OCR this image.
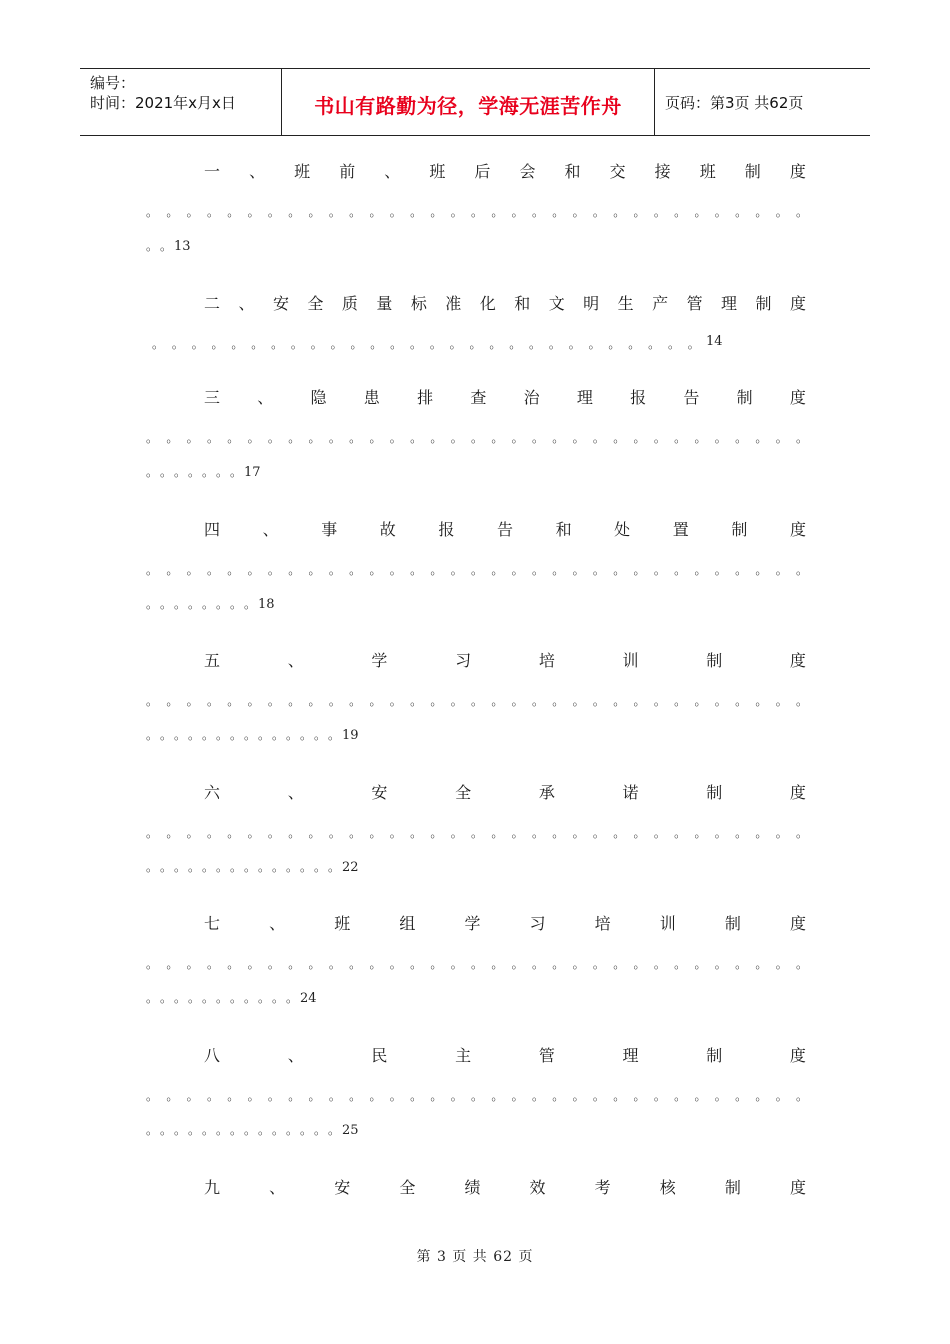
编号：
时间：2021年x月x日	书山有路勤为径，学海无涯苦作舟	页码：第3页 共62页
一 、 班 前 、 班 后 会 和 交 接 班 制 度
。 。 。 。 。 。 。 。 。 。 。 。 。 。 。 。 。 。 。 。 。 。 。 。 。 。 。 。 。 。 。 。 。
。 。 13
二 、 安 全 质 量 标 准 化 和 文 明 生 产 管 理 制 度
。 。 。 。 。 。 。 。 。 。 。 。 。 。 。 。 。 。 。 。 。 。 。 。 。 。 。 。 14
三 、 隐 患 排 查 治 理 报 告 制 度
。 。 。 。 。 。 。 。 。 。 。 。 。 。 。 。 。 。 。 。 。 。 。 。 。 。 。 。 。 。 。 。 。
。 。 。 。 。 。 。 17
四	、	事	故	报	告	和	处	置	制	度
。 。 。 。 。 。 。 。 。 。 。 。 。 。 。 。 。 。 。 。 。 。 。 。 。 。 。 。 。 。 。 。 。
。 。 。 。 。 。 。 。 18
五	、	学	习	培	训	制	度
。 。 。 。 。 。 。 。 。 。 。 。 。 。 。 。 。 。 。 。 。 。 。 。 。 。 。 。 。 。 。 。 。
。 。 。 。 。 。 。 。 。 。 。 。 。 。 19
六	、	安	全	承	诺	制	度
。 。 。 。 。 。 。 。 。 。 。 。 。 。 。 。 。 。 。 。 。 。 。 。 。 。 。 。 。 。 。 。 。
。 。 。 。 。 。 。 。 。 。 。 。 。 。 22
七	、	班	组	学	习	培	训	制	度
。 。 。 。 。 。 。 。 。 。 。 。 。 。 。 。 。 。 。 。 。 。 。 。 。 。 。 。 。 。 。 。 。
。 。 。 。 。 。 。 。 。 。 。 24
八	、	民	主	管	理	制	度
。 。 。 。 。 。 。 。 。 。 。 。 。 。 。 。 。 。 。 。 。 。 。 。 。 。 。 。 。 。 。 。 。
。 。 。 。 。 。 。 。 。 。 。 。 。 。 25
九	、	安	全	绩	效	考	核	制	度
第 3 页 共 62 页
